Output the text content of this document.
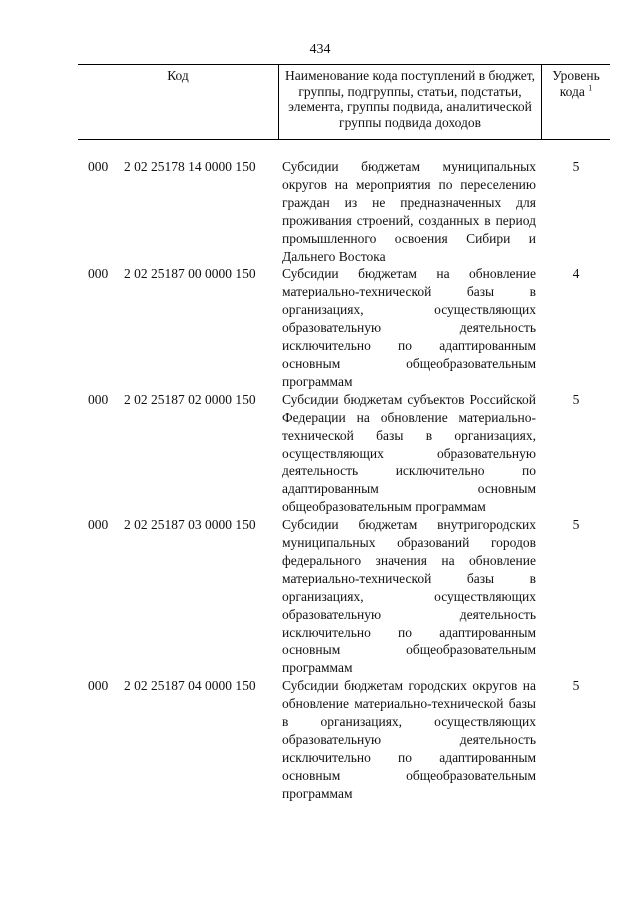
434
Код	Наименование кода поступлений в бюджет, группы, подгруппы, статьи, подстатьи, элемента, группы подвида, аналитической группы подвида доходов
Уровень кода $^1$
000 2 02 25178 14 0000 150 Субсидии бюджетам муниципальных округов на мероприятия по переселению граждан из не предназначенных для проживания строений, созданных в период промышленного освоения Сибири и Дальнего Востока
5
000 2 02 25187 00 0000 150 Субсидии бюджетам на обновление материально-технической базы в организациях, осуществляющих образовательную деятельность исключительно по адаптированным основным общеобразовательным программам
4
000 2 02 25187 02 0000 150 Субсидии бюджетам субъектов Российской Федерации на обновление материально-технической базы в организациях, осуществляющих образовательную деятельность исключительно по адаптированным основным общеобразовательным программам
5
000 2 02 25187 03 0000 150 Субсидии бюджетам внутригородских муниципальных образований городов федерального значения на обновление материально-технической базы в организациях, осуществляющих образовательную деятельность исключительно по адаптированным основным общеобразовательным программам
5
000 2 02 25187 04 0000 150 Субсидии бюджетам городских округов на обновление материально-технической базы в организациях, осуществляющих образовательную деятельность исключительно по адаптированным основным общеобразовательным программам
5
